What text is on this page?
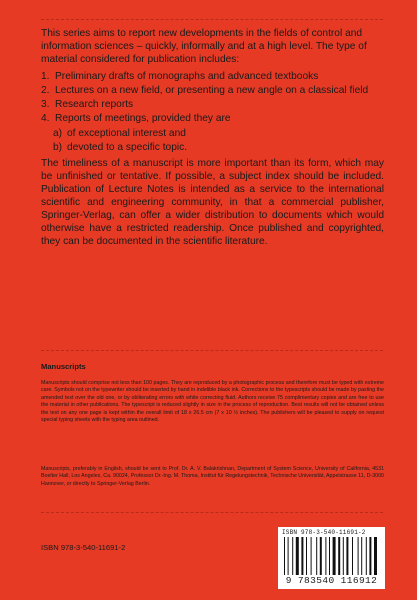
This series aims to report new developments in the fields of control and information sciences – quickly, informally and at a high level. The type of material considered for publication includes:

1. Preliminary drafts of monographs and advanced textbooks
2. Lectures on a new field, or presenting a new angle on a classical field
3. Research reports
4. Reports of meetings, provided they are
a) of exceptional interest and
b) devoted to a specific topic.

The timeliness of a manuscript is more important than its form, which may be unfinished or tentative. If possible, a subject index should be included. Publication of Lecture Notes is intended as a service to the international scientific and engineering community, in that a commercial publisher, Springer-Verlag, can offer a wider distribution to documents which would otherwise have a restricted readership. Once published and copyrighted, they can be documented in the scientific literature.

Manuscripts

Manuscripts should comprise not less than 100 pages. They are reproduced by a photographic process and therefore must be typed with extreme care. Symbols not on the typewriter should be inserted by hand in indelible black ink. Corrections to the typescripts should be made by pasting the amended text over the old one, or by obliterating errors with white correcting fluid. Authors receive 75 complimentary copies and are free to use the material in other publications. The typescript is reduced slightly in size in the process of reproduction. Best results will not be obtained unless the text on any one page is kept within the overall limit of 18 x 26.5 cm (7 x 10 ½ inches). The publishers will be pleased to supply on request special typing sheets with the typing area outlined.

Manuscripts, preferably in English, should be sent to Prof. Dr. A. V. Balakrishnan, Department of System Science, University of California, 4531 Boelter Hall, Los Angeles, Ca. 90024, Professor Dr.-Ing. M. Thoma, Institut für Regelungstechnik, Technische Universität, Appelstrasse 11, D-3000 Hannover, or directly to Springer-Verlag Berlin.

ISBN 978-3-540-11691-2

ISBN 978-3-540-11691-2
9 783540 116912
